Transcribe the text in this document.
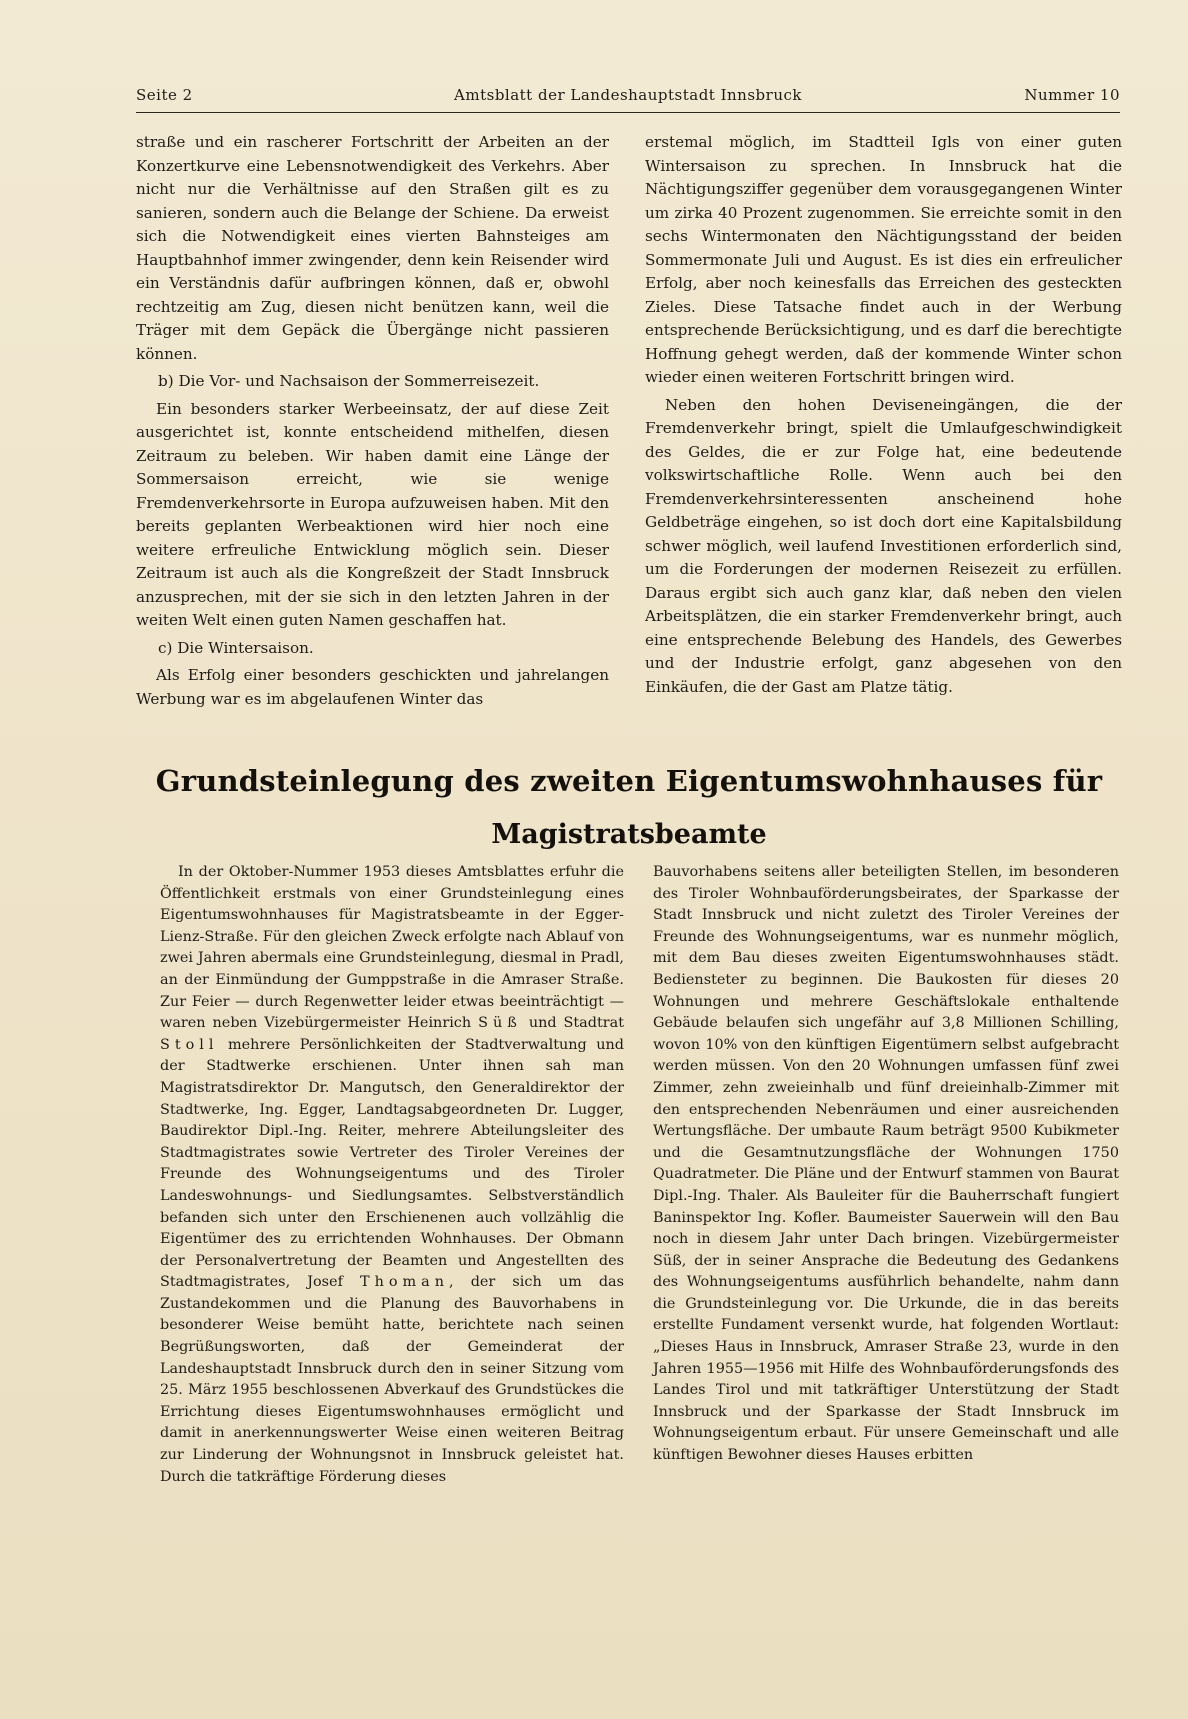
Seite 2	Amtsblatt der Landeshauptstadt Innsbruck	Nummer 10

straße und ein rascherer Fortschritt der Arbeiten an der Konzertkurve eine Lebensnotwendigkeit des Verkehrs. Aber nicht nur die Verhältnisse auf den Straßen gilt es zu sanieren, sondern auch die Belange der Schiene. Da erweist sich die Notwendigkeit eines vierten Bahnsteiges am Hauptbahnhof immer zwingender, denn kein Reisender wird ein Verständnis dafür aufbringen können, daß er, obwohl rechtzeitig am Zug, diesen nicht benützen kann, weil die Träger mit dem Gepäck die Übergänge nicht passieren können.

b) Die Vor- und Nachsaison der Sommerreisezeit.

Ein besonders starker Werbeeinsatz, der auf diese Zeit ausgerichtet ist, konnte entscheidend mithelfen, diesen Zeitraum zu beleben. Wir haben damit eine Länge der Sommersaison erreicht, wie sie wenige Fremdenverkehrsorte in Europa aufzuweisen haben. Mit den bereits geplanten Werbeaktionen wird hier noch eine weitere erfreuliche Entwicklung möglich sein. Dieser Zeitraum ist auch als die Kongreßzeit der Stadt Innsbruck anzusprechen, mit der sie sich in den letzten Jahren in der weiten Welt einen guten Namen geschaffen hat.

c) Die Wintersaison.

Als Erfolg einer besonders geschickten und jahrelangen Werbung war es im abgelaufenen Winter das

erstemal möglich, im Stadtteil Igls von einer guten Wintersaison zu sprechen. In Innsbruck hat die Nächtigungsziffer gegenüber dem vorausgegangenen Winter um zirka 40 Prozent zugenommen. Sie erreichte somit in den sechs Wintermonaten den Nächtigungsstand der beiden Sommermonate Juli und August. Es ist dies ein erfreulicher Erfolg, aber noch keinesfalls das Erreichen des gesteckten Zieles. Diese Tatsache findet auch in der Werbung entsprechende Berücksichtigung, und es darf die berechtigte Hoffnung gehegt werden, daß der kommende Winter schon wieder einen weiteren Fortschritt bringen wird.

Neben den hohen Deviseneingängen, die der Fremdenverkehr bringt, spielt die Umlaufgeschwindigkeit des Geldes, die er zur Folge hat, eine bedeutende volkswirtschaftliche Rolle. Wenn auch bei den Fremdenverkehrsinteressenten anscheinend hohe Geldbeträge eingehen, so ist doch dort eine Kapitalsbildung schwer möglich, weil laufend Investitionen erforderlich sind, um die Forderungen der modernen Reisezeit zu erfüllen. Daraus ergibt sich auch ganz klar, daß neben den vielen Arbeitsplätzen, die ein starker Fremdenverkehr bringt, auch eine entsprechende Belebung des Handels, des Gewerbes und der Industrie erfolgt, ganz abgesehen von den Einkäufen, die der Gast am Platze tätig.

Grundsteinlegung des zweiten Eigentumswohnhauses für
Magistratsbeamte

In der Oktober-Nummer 1953 dieses Amtsblattes erfuhr die Öffentlichkeit erstmals von einer Grundsteinlegung eines Eigentumswohnhauses für Magistratsbeamte in der Egger-Lienz-Straße. Für den gleichen Zweck erfolgte nach Ablauf von zwei Jahren abermals eine Grundsteinlegung, diesmal in Pradl, an der Einmündung der Gumppstraße in die Amraser Straße. Zur Feier — durch Regenwetter leider etwas beeinträchtigt — waren neben Vizebürgermeister Heinrich Süß und Stadtrat Stoll mehrere Persönlichkeiten der Stadtverwaltung und der Stadtwerke erschienen. Unter ihnen sah man Magistratsdirektor Dr. Mangutsch, den Generaldirektor der Stadtwerke, Ing. Egger, Landtagsabgeordneten Dr. Lugger, Baudirektor Dipl.-Ing. Reiter, mehrere Abteilungsleiter des Stadtmagistrates sowie Vertreter des Tiroler Vereines der Freunde des Wohnungseigentums und des Tiroler Landeswohnungs- und Siedlungsamtes. Selbstverständlich befanden sich unter den Erschienenen auch vollzählig die Eigentümer des zu errichtenden Wohnhauses. Der Obmann der Personalvertretung der Beamten und Angestellten des Stadtmagistrates, Josef Thoman, der sich um das Zustandekommen und die Planung des Bauvorhabens in besonderer Weise bemüht hatte, berichtete nach seinen Begrüßungsworten, daß der Gemeinderat der Landeshauptstadt Innsbruck durch den in seiner Sitzung vom 25. März 1955 beschlossenen Abverkauf des Grundstückes die Errichtung dieses Eigentumswohnhauses ermöglicht und damit in anerkennungswerter Weise einen weiteren Beitrag zur Linderung der Wohnungsnot in Innsbruck geleistet hat. Durch die tatkräftige Förderung dieses

Bauvorhabens seitens aller beteiligten Stellen, im besonderen des Tiroler Wohnbauförderungsbeirates, der Sparkasse der Stadt Innsbruck und nicht zuletzt des Tiroler Vereines der Freunde des Wohnungseigentums, war es nunmehr möglich, mit dem Bau dieses zweiten Eigentumswohnhauses städt. Bediensteter zu beginnen. Die Baukosten für dieses 20 Wohnungen und mehrere Geschäftslokale enthaltende Gebäude belaufen sich ungefähr auf 3,8 Millionen Schilling, wovon 10% von den künftigen Eigentümern selbst aufgebracht werden müssen. Von den 20 Wohnungen umfassen fünf zwei Zimmer, zehn zweieinhalb und fünf dreieinhalb-Zimmer mit den entsprechenden Nebenräumen und einer ausreichenden Wertungsfläche. Der umbaute Raum beträgt 9500 Kubikmeter und die Gesamtnutzungsfläche der Wohnungen 1750 Quadratmeter. Die Pläne und der Entwurf stammen von Baurat Dipl.-Ing. Thaler. Als Bauleiter für die Bauherrschaft fungiert Baninspektor Ing. Kofler. Baumeister Sauerwein will den Bau noch in diesem Jahr unter Dach bringen. Vizebürgermeister Süß, der in seiner Ansprache die Bedeutung des Gedankens des Wohnungseigentums ausführlich behandelte, nahm dann die Grundsteinlegung vor. Die Urkunde, die in das bereits erstellte Fundament versenkt wurde, hat folgenden Wortlaut: „Dieses Haus in Innsbruck, Amraser Straße 23, wurde in den Jahren 1955—1956 mit Hilfe des Wohnbauförderungsfonds des Landes Tirol und mit tatkräftiger Unterstützung der Stadt Innsbruck und der Sparkasse der Stadt Innsbruck im Wohnungseigentum erbaut. Für unsere Gemeinschaft und alle künftigen Bewohner dieses Hauses erbitten
